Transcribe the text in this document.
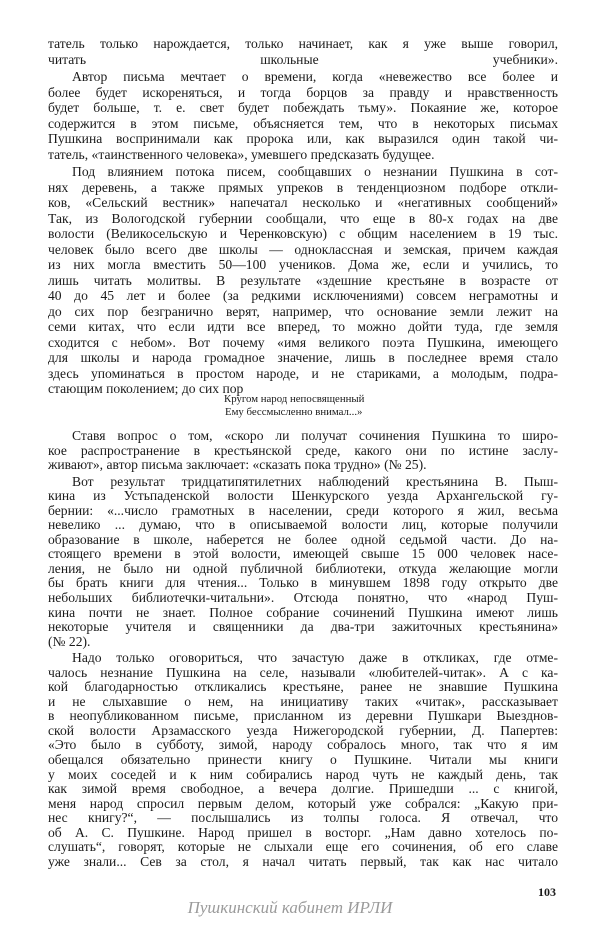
татель только нарождается, только начинает, как я уже выше говорил,
читать школьные учебники».
Автор письма мечтает о времени, когда «невежество все более и
более будет искореняться, и тогда борцов за правду и нравственность
будет больше, т. е. свет будет побеждать тьму». Покаяние же, которое
содержится в этом письме, объясняется тем, что в некоторых письмах
Пушкина воспринимали как пророка или, как выразился один такой чи-
татель, «таинственного человека», умевшего предсказать будущее.
Под влиянием потока писем, сообщавших о незнании Пушкина в сот-
нях деревень, а также прямых упреков в тенденциозном подборе откли-
ков, «Сельский вестник» напечатал несколько и «негативных сообщений»
Так, из Вологодской губернии сообщали, что еще в 80-х годах на две
волости (Великосельскую и Черенковскую) с общим населением в 19 тыс.
человек было всего две школы — одноклассная и земская, причем каждая
из них могла вместить 50—100 учеников. Дома же, если и учились, то
лишь читать молитвы. В результате «здешние крестьяне в возрасте от
40 до 45 лет и более (за редкими исключениями) совсем неграмотны и
до сих пор безгранично верят, например, что основание земли лежит на
семи китах, что если идти все вперед, то можно дойти туда, где земля
сходится с небом». Вот почему «имя великого поэта Пушкина, имеющего
для школы и народа громадное значение, лишь в последнее время стало
здесь упоминаться в простом народе, и не стариками, а молодым, подра-
стающим поколением; до сих пор
Кругом народ непосвященный
Ему бессмысленно внимал...»
Ставя вопрос о том, «скоро ли получат сочинения Пушкина то широ-
кое распространение в крестьянской среде, какого они по истине заслу-
живают», автор письма заключает: «сказать пока трудно» (№ 25).
Вот результат тридцатипятилетних наблюдений крестьянина В. Пыш-
кина из Устьпаденской волости Шенкурского уезда Архангельской гу-
бернии: «...число грамотных в населении, среди которого я жил, весьма
невелико ... думаю, что в описываемой волости лиц, которые получили
образование в школе, наберется не более одной седьмой части. До на-
стоящего времени в этой волости, имеющей свыше 15 000 человек насе-
ления, не было ни одной публичной библиотеки, откуда желающие могли
бы брать книги для чтения... Только в минувшем 1898 году открыто две
небольших библиотечки-читальни». Отсюда понятно, что «народ Пуш-
кина почти не знает. Полное собрание сочинений Пушкина имеют лишь
некоторые учителя и священники да два-три зажиточных крестьянина»
(№ 22).
Надо только оговориться, что зачастую даже в откликах, где отме-
чалось незнание Пушкина на селе, называли «любителей-читак». А с ка-
кой благодарностью откликались крестьяне, ранее не знавшие Пушкина
и не слыхавшие о нем, на инициативу таких «читак», рассказывает
в неопубликованном письме, присланном из деревни Пушкари Выезднов-
ской волости Арзамасского уезда Нижегородской губернии, Д. Папертев:
«Это было в субботу, зимой, народу собралось много, так что я им
обещался обязательно принести книгу о Пушкине. Читали мы книги
у моих соседей и к ним собирались народ чуть не каждый день, так
как зимой время свободное, а вечера долгие. Пришедши ... с книгой,
меня народ спросил первым делом, который уже собрался: „Какую при-
нес книгу?“, — послышались из толпы голоса. Я отвечал, что
об А. С. Пушкине. Народ пришел в восторг. „Нам давно хотелось по-
слушать“, говорят, которые не слыхали еще его сочинения, об его славе
уже знали... Сев за стол, я начал читать первый, так как нас читало
103
Пушкинский кабинет ИРЛИ
